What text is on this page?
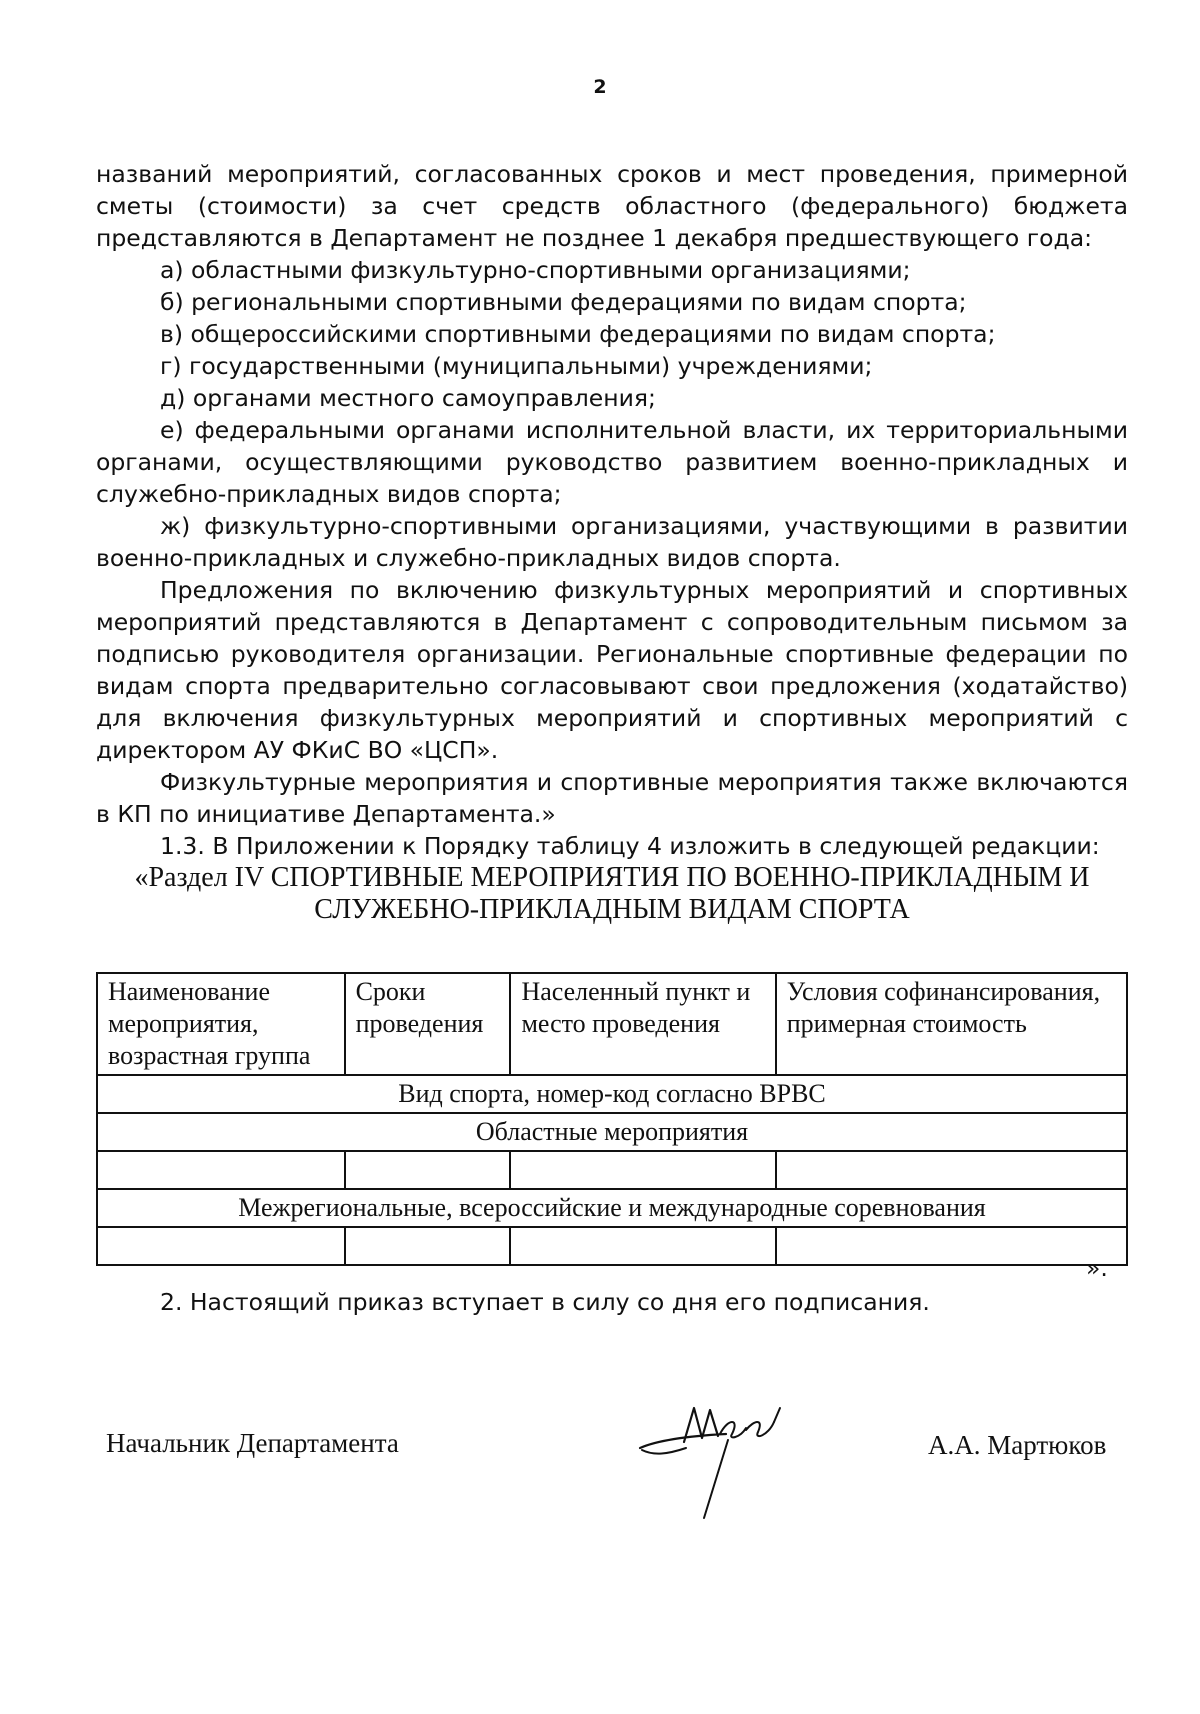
2

названий мероприятий, согласованных сроков и мест проведения, примерной сметы (стоимости) за счет средств областного (федерального) бюджета представляются в Департамент не позднее 1 декабря предшествующего года:

а) областными физкультурно-спортивными организациями;

б) региональными спортивными федерациями по видам спорта;

в) общероссийскими спортивными федерациями по видам спорта;

г) государственными (муниципальными) учреждениями;

д) органами местного самоуправления;

е) федеральными органами исполнительной власти, их территориальными органами, осуществляющими руководство развитием военно-прикладных и служебно-прикладных видов спорта;

ж) физкультурно-спортивными организациями, участвующими в развитии военно-прикладных и служебно-прикладных видов спорта.

Предложения по включению физкультурных мероприятий и спортивных мероприятий представляются в Департамент с сопроводительным письмом за подписью руководителя организации. Региональные спортивные федерации по видам спорта предварительно согласовывают свои предложения (ходатайство) для включения физкультурных мероприятий и спортивных мероприятий с директором АУ ФКиС ВО «ЦСП».

Физкультурные мероприятия и спортивные мероприятия также включаются в КП по инициативе Департамента.»

1.3. В Приложении к Порядку таблицу 4 изложить в следующей редакции:

«Раздел IV СПОРТИВНЫЕ МЕРОПРИЯТИЯ ПО ВОЕННО-ПРИКЛАДНЫМ И
СЛУЖЕБНО-ПРИКЛАДНЫМ ВИДАМ СПОРТА
Наименование мероприятия, возрастная группа	Сроки проведения	Населенный пункт и место проведения	Условия софинансирования, примерная стоимость
Вид спорта, номер-код согласно ВРВС			
Областные мероприятия			

Межрегиональные, всероссийские и международные соревнования			

».
2. Настоящий приказ вступает в силу со дня его подписания.
Начальник Департамента	А.А. Мартюков
